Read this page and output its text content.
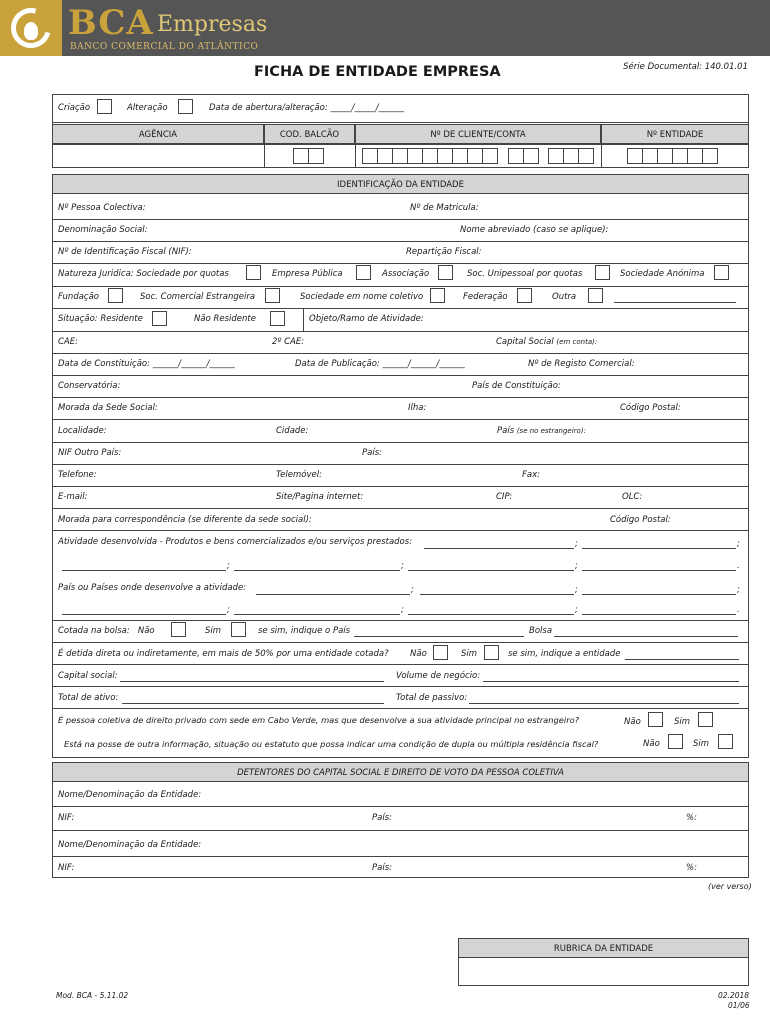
BCA Empresas
BANCO COMERCIAL DO ATLÂNTICO
Série Documental: 140.01.01
FICHA DE ENTIDADE EMPRESA
Criação	Alteração	Data de abertura/alteração: _____/_____/______
AGÊNCIA	COD. BALCÃO	Nº DE CLIENTE/CONTA	Nº ENTIDADE
IDENTIFICAÇÃO DA ENTIDADE
Nº Pessoa Colectiva:	Nº de Matricula:
Denominação Social:	Nome abreviado (caso se aplique):
Nº de Identificação Fiscal (NIF):	Repartição Fiscal:
Natureza Juridica: Sociedade por quotas	Empresa Pública	Associação	Soc. Unipessoal por quotas	Sociedade Anónima
Fundação	Soc. Comercial Estrangeira	Sociedade em nome coletivo	Federação	Outra
Situação: Residente	Não Residente	Objeto/Ramo de Atividade:
CAE:	2º CAE:	Capital Social (em conta):
Data de Constituição: ______/______/______	Data de Publicação: ______/______/______	Nº de Registo Comercial:
Conservatória:	País de Constituição:
Morada da Sede Social:	Ilha:	Código Postal:
Localidade:	Cidade:	País (se no estrangeiro):
NIF Outro País:	País:
Telefone:	Telemóvel:	Fax:
E-mail:	Site/Pagina internet:	CIP:	OLC:
Morada para correspondência (se diferente da sede social):	Código Postal:
Atividade desenvolvida - Produtos e bens comercializados e/ou serviços prestados:	;	;
;	;	;	.
País ou Países onde desenvolve a atividade:	;	;	;
;	;	;	.
Cotada na bolsa: Não	Sim	se sim, indique o País	Bolsa
É detida direta ou indiretamente, em mais de 50% por uma entidade cotada?	Não	Sim	se sim, indique a entidade
Capital social:	Volume de negócio:
Total de ativo:	Total de passivo:
É pessoa coletiva de direito privado com sede em Cabo Verde, mas que desenvolve a sua atividade principal no estrangeiro?	Não	Sim
Está na posse de outra informação, situação ou estatuto que possa indicar uma condição de dupla ou múltipla residência fiscal?	Não	Sim
DETENTORES DO CAPITAL SOCIAL E DIREITO DE VOTO DA PESSOA COLETIVA
Nome/Denominação da Entidade:
NIF:	País:	%:
Nome/Denominação da Entidade:
NIF:	País:	%:
(ver verso)
RUBRICA DA ENTIDADE
Mod. BCA - 5.11.02	02.2018
01/06
